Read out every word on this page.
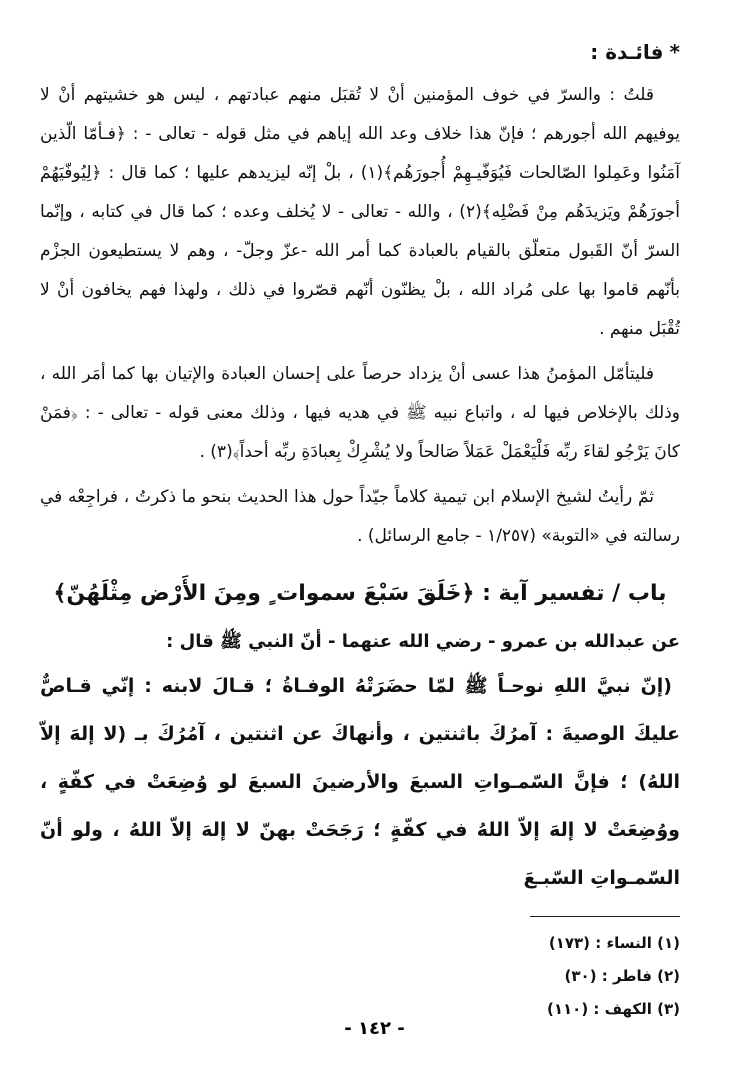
*فائـدة :

قلتُ : والسرّ في خوف المؤمنين أنْ لا تُقبَل منهم عبادتهم ، ليس هو خشيتهم أنْ لا يوفيهم الله أجورهم ؛ فإنّ هذا خلاف وعد الله إياهم في مثل قوله - تعالى - : ﴿فـأمّا الّذين آمَنُوا وعَمِلوا الصّالحات فَيُوَفّيـهِمْ أُجورَهُم﴾(١) ، بلْ إنّه ليزيدهم عليها ؛ كما قال : ﴿لِيُوفّيَهُمْ أجورَهُمْ ويَزيدَهُم مِنْ فَضْلِه﴾(٢) ، والله - تعالى - لا يُخلف وعده ؛ كما قال في كتابه ، وإنّما السرّ أنّ القَبول متعلّق بالقيام بالعبادة كما أمر الله -عزّ وجلّ- ، وهم لا يستطيعون الجزْم بأنّهم قاموا بها على مُراد الله ، بلْ يظنّون أنّهم قصّروا في ذلك ، ولهذا فهم يخافون أنْ لا تُقْبَل منهم .

فليتأمّل المؤمنُ هذا عسى أنْ يزداد حرصاً على إحسان العبادة والإتيان بها كما أمَر الله ، وذلك بالإخلاص فيها له ، واتباع نبيه ﷺ في هديه فيها ، وذلك معنى قوله - تعالى - : ﴿فمَنْ كانَ يَرْجُو لقاءَ ربِّه فَلْيَعْمَلْ عَمَلاً صَالحاً ولا يُشْرِكْ بِعبادَةِ ربِّه أحداً﴾(٣) .

ثمّ رأيتُ لشيخ الإسلام ابن تيمية كلاماً جيّداً حول هذا الحديث بنحو ما ذكرتُ ، فراجِعْه في رسالته في «التوبة» (١/٢٥٧ - جامع الرسائل) .

باب / تفسير آية : ﴿خَلَقَ سَبْعَ سموات ٍ ومِنَ الأَرْض مِثْلَهُنّ﴾

عن عبدالله بن عمرو - رضي الله عنهما - أنّ النبي ﷺ قال :

(إنّ نبيَّ اللهِ نوحـاً ﷺ لمّا حضَرَتْهُ الوفـاةُ ؛ قـالَ لابنه : إنّي قـاصٌّ عليكَ الوصيةَ : آمرُكَ باثنتين ، وأنهاكَ عن اثنتين ، آمُرُكَ بـ (لا إلهَ إلاّ اللهُ) ؛ فإنَّ السّمـواتِ السبعَ والأرضينَ السبعَ لو وُضِعَتْ في كفّةٍ ، ووُضِعَتْ لا إلهَ إلاّ اللهُ في كفّةٍ ؛ رَجَحَتْ بهنّ لا إلهَ إلاّ اللهُ ، ولو أنّ السّمـواتِ السّبـعَ

(١) النساء : (١٧٣)
(٢) فاطر : (٣٠)
(٣) الكهف : (١١٠)
- ١٤٢ -
